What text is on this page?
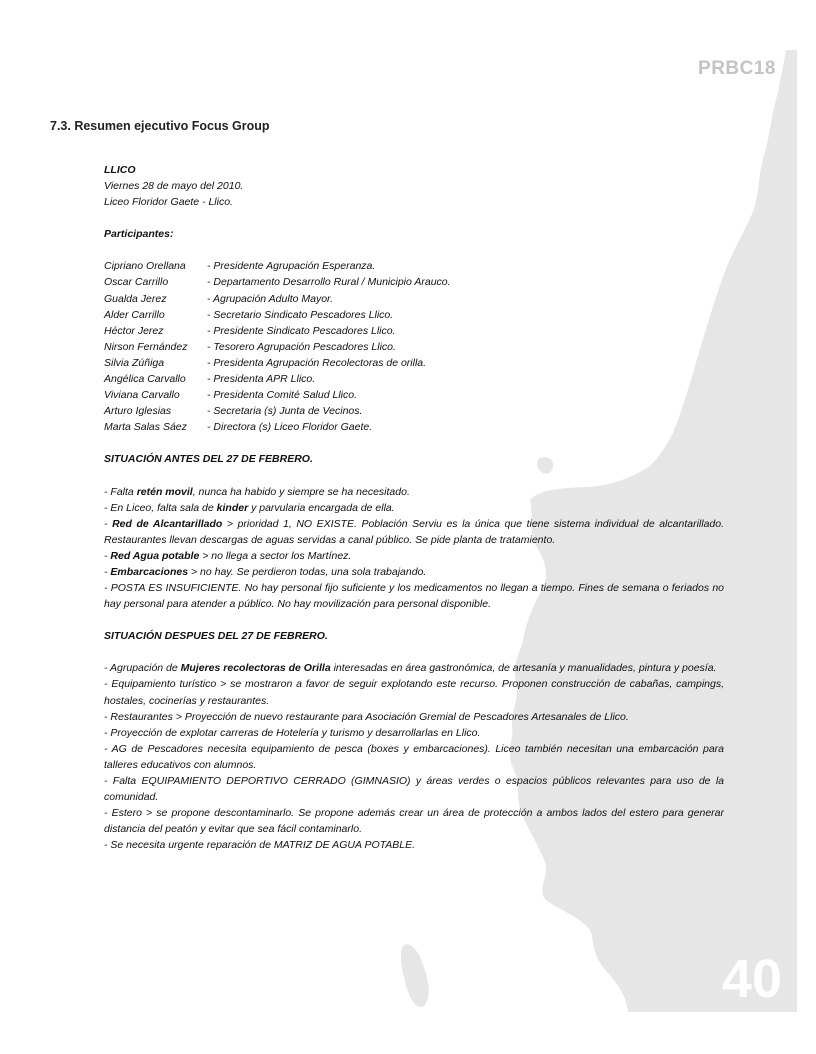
PRBC18
40
7.3. Resumen ejecutivo Focus Group

LLICO

Viernes 28 de mayo del 2010.

Liceo Floridor Gaete - Llico.

Participantes:

Cipriano Orellana	- Presidente Agrupación Esperanza.
Oscar Carrillo	- Departamento Desarrollo Rural / Municipio Arauco.
Gualda Jerez	- Agrupación Adulto Mayor.
Alder Carrillo	- Secretario Sindicato Pescadores Llico.
Héctor Jerez	- Presidente Sindicato Pescadores Llico.
Nirson Fernández	- Tesorero Agrupación Pescadores Llico.
Silvia Zúñiga	- Presidenta Agrupación Recolectoras de orilla.
Angélica Carvallo	- Presidenta APR Llico.
Viviana Carvallo	- Presidenta Comité Salud Llico.
Arturo Iglesias	- Secretaria (s) Junta de Vecinos.
Marta Salas Sáez	- Directora (s) Liceo Floridor Gaete.

SITUACIÓN ANTES DEL 27 DE FEBRERO.

- Falta retén movil, nunca ha habido y siempre se ha necesitado.

- En Liceo, falta sala de kinder y parvularia encargada de ella.

- Red de Alcantarillado > prioridad 1, NO EXISTE. Población Serviu es la única que tiene sistema individual de alcantarillado. Restaurantes llevan descargas de aguas servidas a canal público. Se pide planta de tratamiento.

- Red Agua potable > no llega a sector los Martínez.

- Embarcaciones > no hay. Se perdieron todas, una sola trabajando.

- POSTA ES INSUFICIENTE. No hay personal fijo suficiente y los medicamentos no llegan a tiempo. Fines de semana o feriados no hay personal para atender a público. No hay movilización para personal disponible.

SITUACIÓN DESPUES DEL 27 DE FEBRERO.

- Agrupación de Mujeres recolectoras de Orilla interesadas en área gastronómica, de artesanía y manualidades, pintura y poesía.

- Equipamiento turístico > se mostraron a favor de seguir explotando este recurso. Proponen construcción de cabañas, campings, hostales, cocinerías y restaurantes.

- Restaurantes > Proyección de nuevo restaurante para Asociación Gremial de Pescadores Artesanales de Llico.

- Proyección de explotar carreras de Hotelería y turismo y desarrollarlas en Llico.

- AG de Pescadores necesita equipamiento de pesca (boxes y embarcaciones). Liceo también necesitan una embarcación para talleres educativos con alumnos.

- Falta EQUIPAMIENTO DEPORTIVO CERRADO (GIMNASIO) y áreas verdes o espacios públicos relevantes para uso de la comunidad.

- Estero > se propone descontaminarlo. Se propone además crear un área de protección a ambos lados del estero para generar distancia del peatón y evitar que sea fácil contaminarlo.

- Se necesita urgente reparación de MATRIZ DE AGUA POTABLE.
